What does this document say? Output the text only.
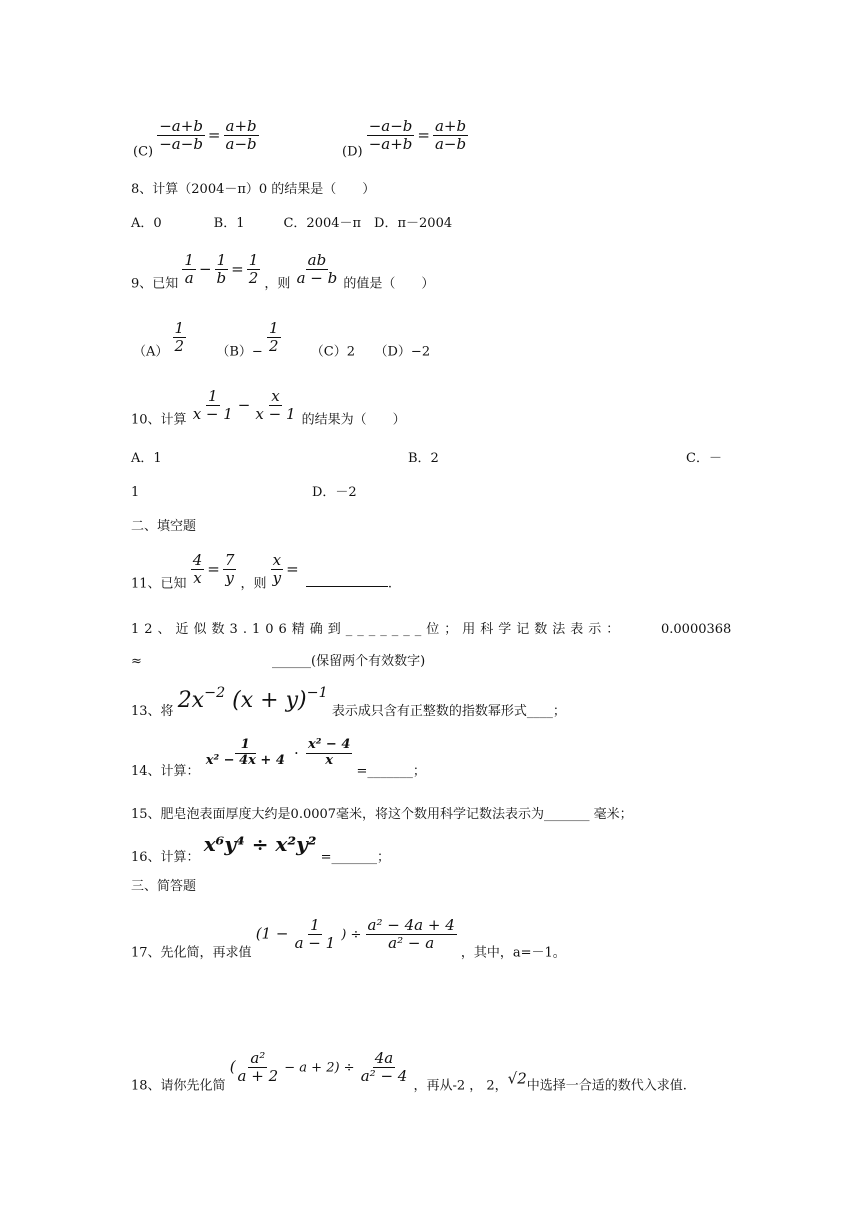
$(C) \frac{-a+b}{-a-b} = \frac{a+b}{a-b}$	$(D) \frac{-a-b}{-a+b} = \frac{a+b}{a-b}$
8、计算（2004－π）0 的结果是（　　）
A．0　　　　B．1　　　C．2004－π　D．π－2004
9、已知 $\frac{1}{a} - \frac{1}{b} = \frac{1}{2}$ ，则 $\frac{ab}{a - b}$ 的值是（　　）
$(A) \frac{1}{2} (B)- \frac{1}{2} (C)2$　　（D）−2
10、计算 $\frac{1}{x - 1} - \frac{x}{x - 1}$ 的结果为（　　）
A．1	B．2	C．－
1	D．－2
二、填空题
11、已知 $\frac{4}{x} = \frac{7}{y}$ ，则 $\frac{x}{y}$ = .
12、近似数3.106精确到_______位；用科学记数法表示：	0.0000368
≈	______(保留两个有效数字)
13、将 $2x^{-2}$ $(x + y)^{-1}$ 表示成只含有正整数的指数幂形式____；
14、计算：
$\frac{1}{\text{x² − 4x + 4}} \cdot \frac{\text{x² − 4}}{x}$
=_______；
15、肥皂泡表面厚度大约是0.0007毫米，将这个数用科学记数法表示为_______ 毫米；
16、计算： x⁶y⁴ ÷ x²y² =_______；
三、简答题
17、先化简，再求值 ($1 - \frac{1}{a - 1}$ ) ÷ $\frac{\text{a² − 4a + 4}}{\text{a² − a}}$
，其中，a=－1。
18、请你先化简 ( $\frac{\text{a²}}{a + 2} - a + 2) \div \frac{4a}{\text{a² − 4}}$
，再从-2 ， 2，√2中选择一合适的数代入求值.
